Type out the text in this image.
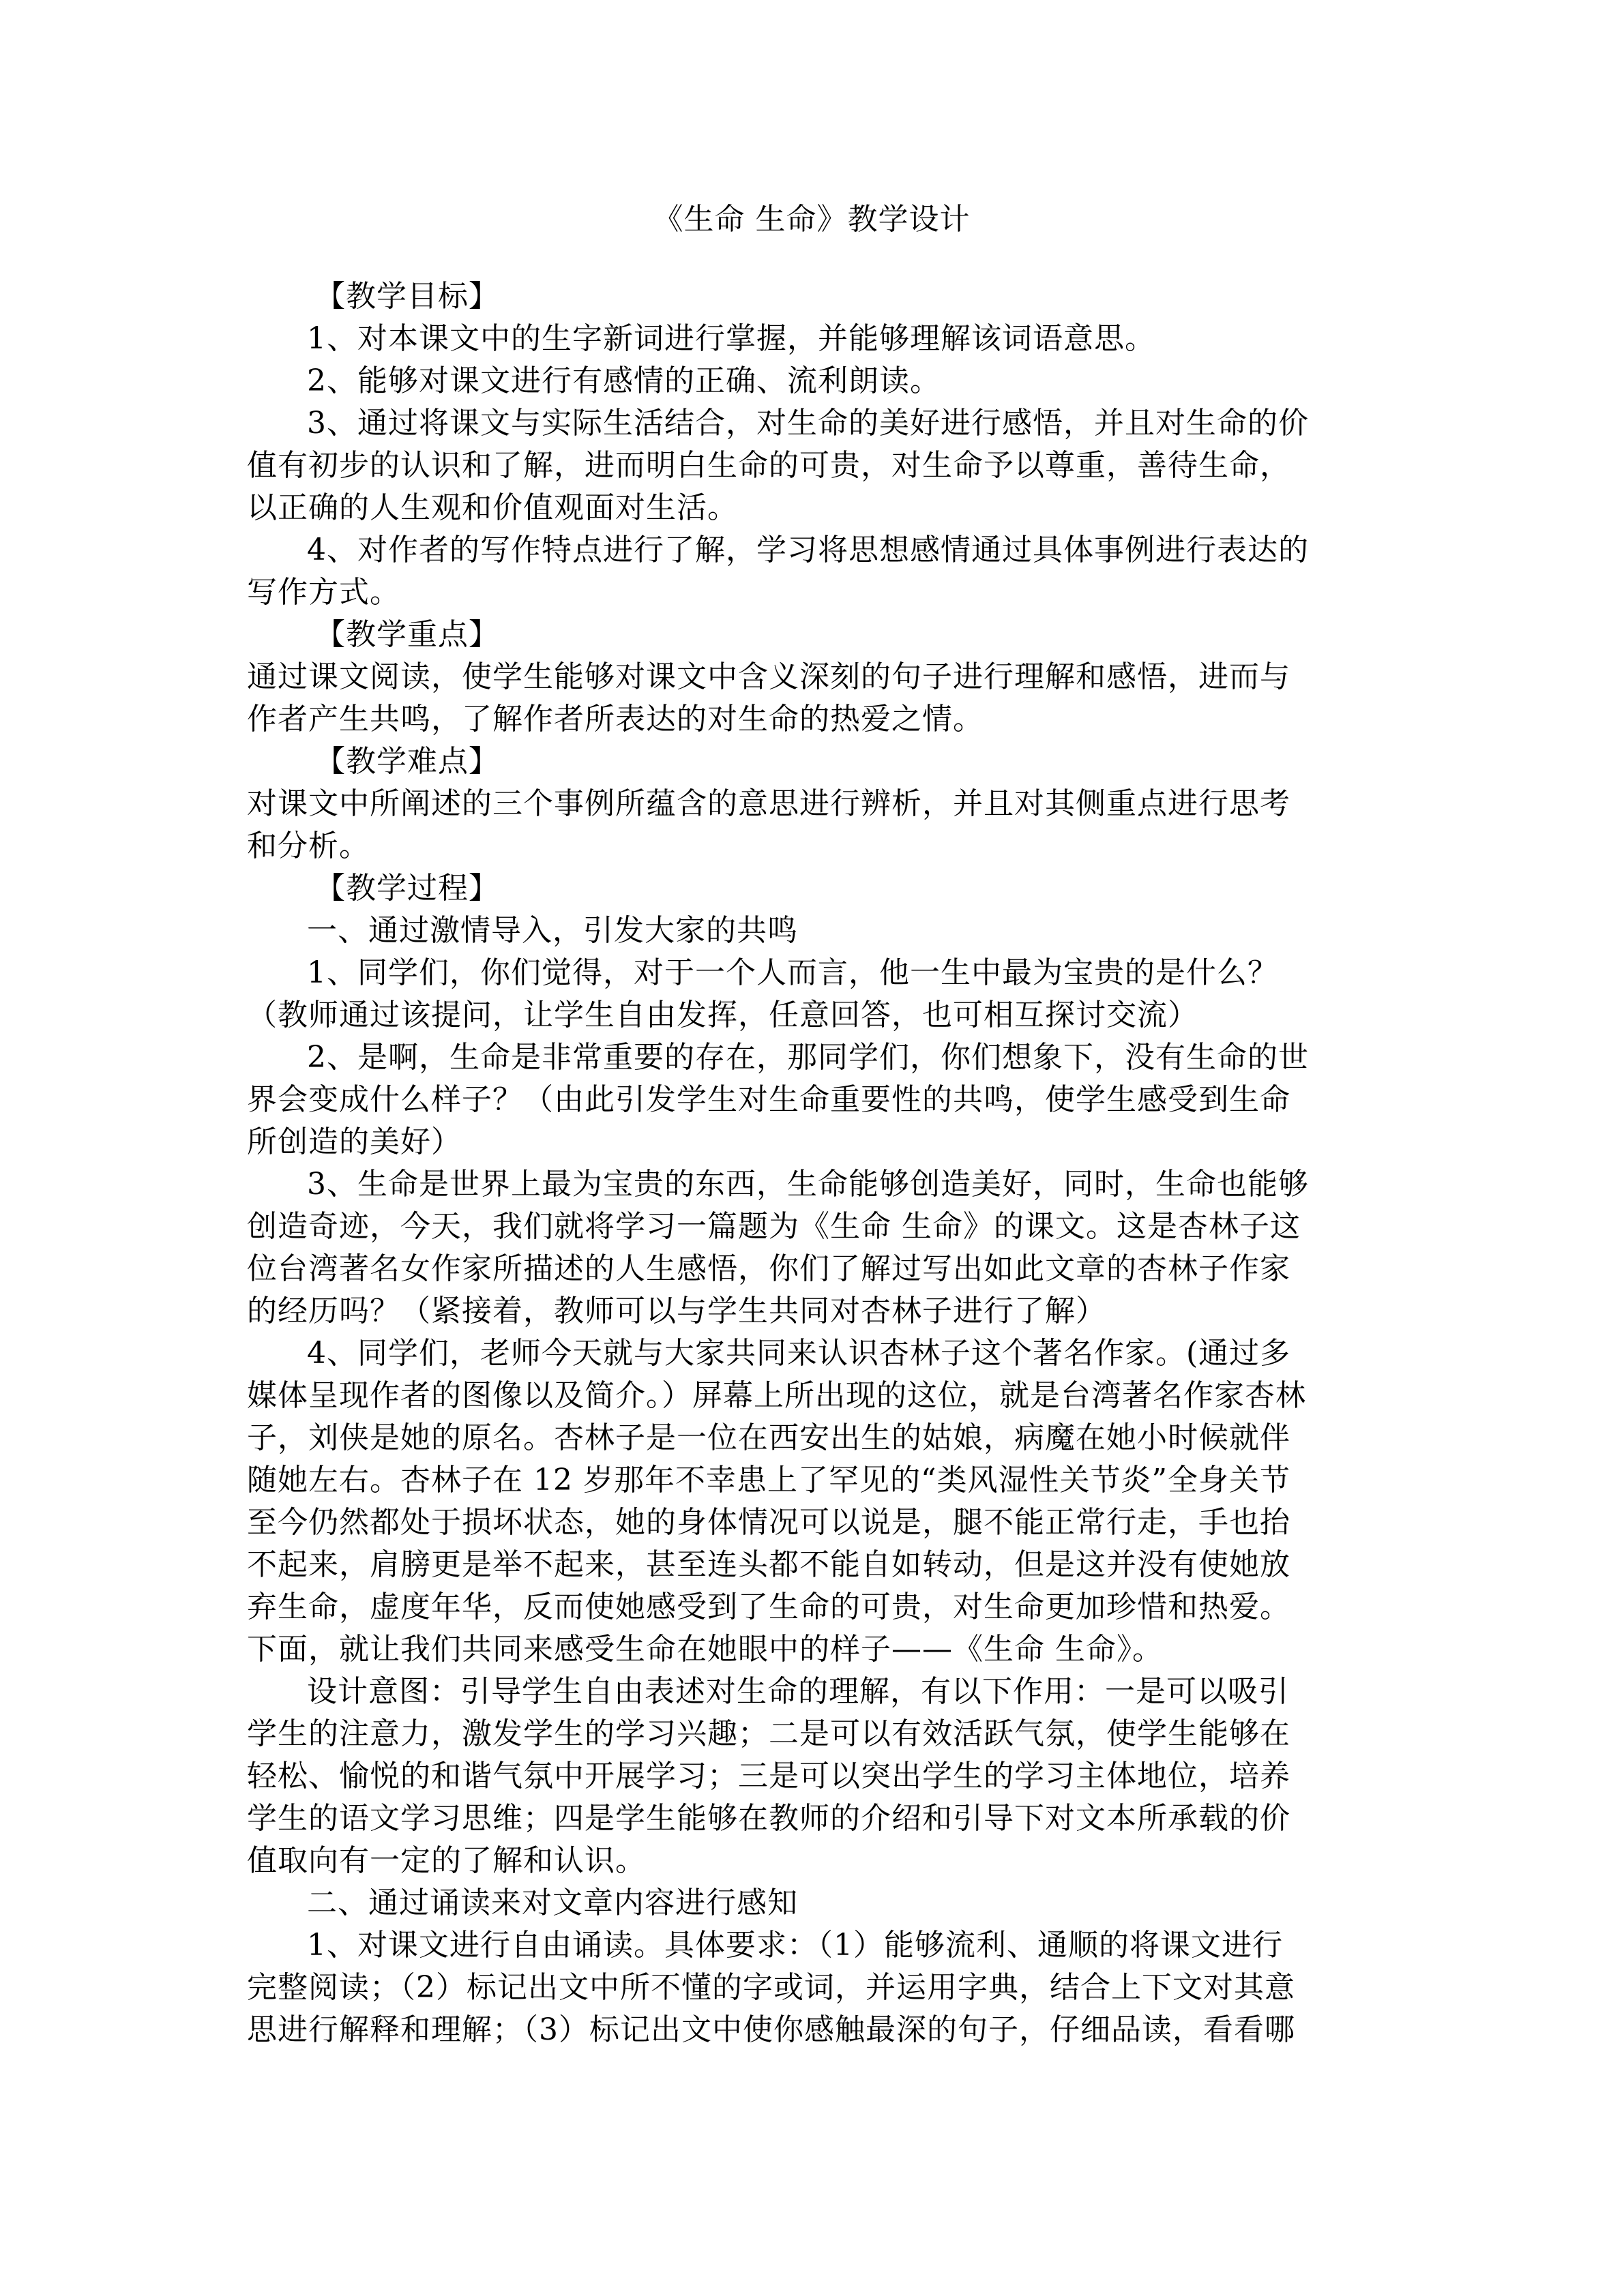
《生命 生命》教学设计

【教学目标】

1、对本课文中的生字新词进行掌握，并能够理解该词语意思。

2、能够对课文进行有感情的正确、流利朗读。

3、通过将课文与实际生活结合，对生命的美好进行感悟，并且对生命的价

值有初步的认识和了解，进而明白生命的可贵，对生命予以尊重，善待生命，

以正确的人生观和价值观面对生活。

4、对作者的写作特点进行了解，学习将思想感情通过具体事例进行表达的

写作方式。

【教学重点】

通过课文阅读，使学生能够对课文中含义深刻的句子进行理解和感悟，进而与

作者产生共鸣，了解作者所表达的对生命的热爱之情。

【教学难点】

对课文中所阐述的三个事例所蕴含的意思进行辨析，并且对其侧重点进行思考

和分析。

【教学过程】

一、通过激情导入，引发大家的共鸣

1、同学们，你们觉得，对于一个人而言，他一生中最为宝贵的是什么？

（教师通过该提问，让学生自由发挥，任意回答，也可相互探讨交流）

2、是啊，生命是非常重要的存在，那同学们，你们想象下，没有生命的世

界会变成什么样子？（由此引发学生对生命重要性的共鸣，使学生感受到生命

所创造的美好）

3、生命是世界上最为宝贵的东西，生命能够创造美好，同时，生命也能够

创造奇迹，今天，我们就将学习一篇题为《生命 生命》的课文。这是杏林子这

位台湾著名女作家所描述的人生感悟，你们了解过写出如此文章的杏林子作家

的经历吗？（紧接着，教师可以与学生共同对杏林子进行了解）

4、同学们，老师今天就与大家共同来认识杏林子这个著名作家。(通过多

媒体呈现作者的图像以及简介。）屏幕上所出现的这位，就是台湾著名作家杏林

子，刘侠是她的原名。杏林子是一位在西安出生的姑娘，病魔在她小时候就伴

随她左右。杏林子在 12 岁那年不幸患上了罕见的“类风湿性关节炎”全身关节

至今仍然都处于损坏状态，她的身体情况可以说是，腿不能正常行走，手也抬

不起来，肩膀更是举不起来，甚至连头都不能自如转动，但是这并没有使她放

弃生命，虚度年华，反而使她感受到了生命的可贵，对生命更加珍惜和热爱。

下面，就让我们共同来感受生命在她眼中的样子——《生命 生命》。

设计意图：引导学生自由表述对生命的理解，有以下作用：一是可以吸引

学生的注意力，激发学生的学习兴趣；二是可以有效活跃气氛，使学生能够在

轻松、愉悦的和谐气氛中开展学习；三是可以突出学生的学习主体地位，培养

学生的语文学习思维；四是学生能够在教师的介绍和引导下对文本所承载的价

值取向有一定的了解和认识。

二、通过诵读来对文章内容进行感知

1、对课文进行自由诵读。具体要求：（1）能够流利、通顺的将课文进行

完整阅读；（2）标记出文中所不懂的字或词，并运用字典，结合上下文对其意

思进行解释和理解；（3）标记出文中使你感触最深的句子，仔细品读，看看哪
